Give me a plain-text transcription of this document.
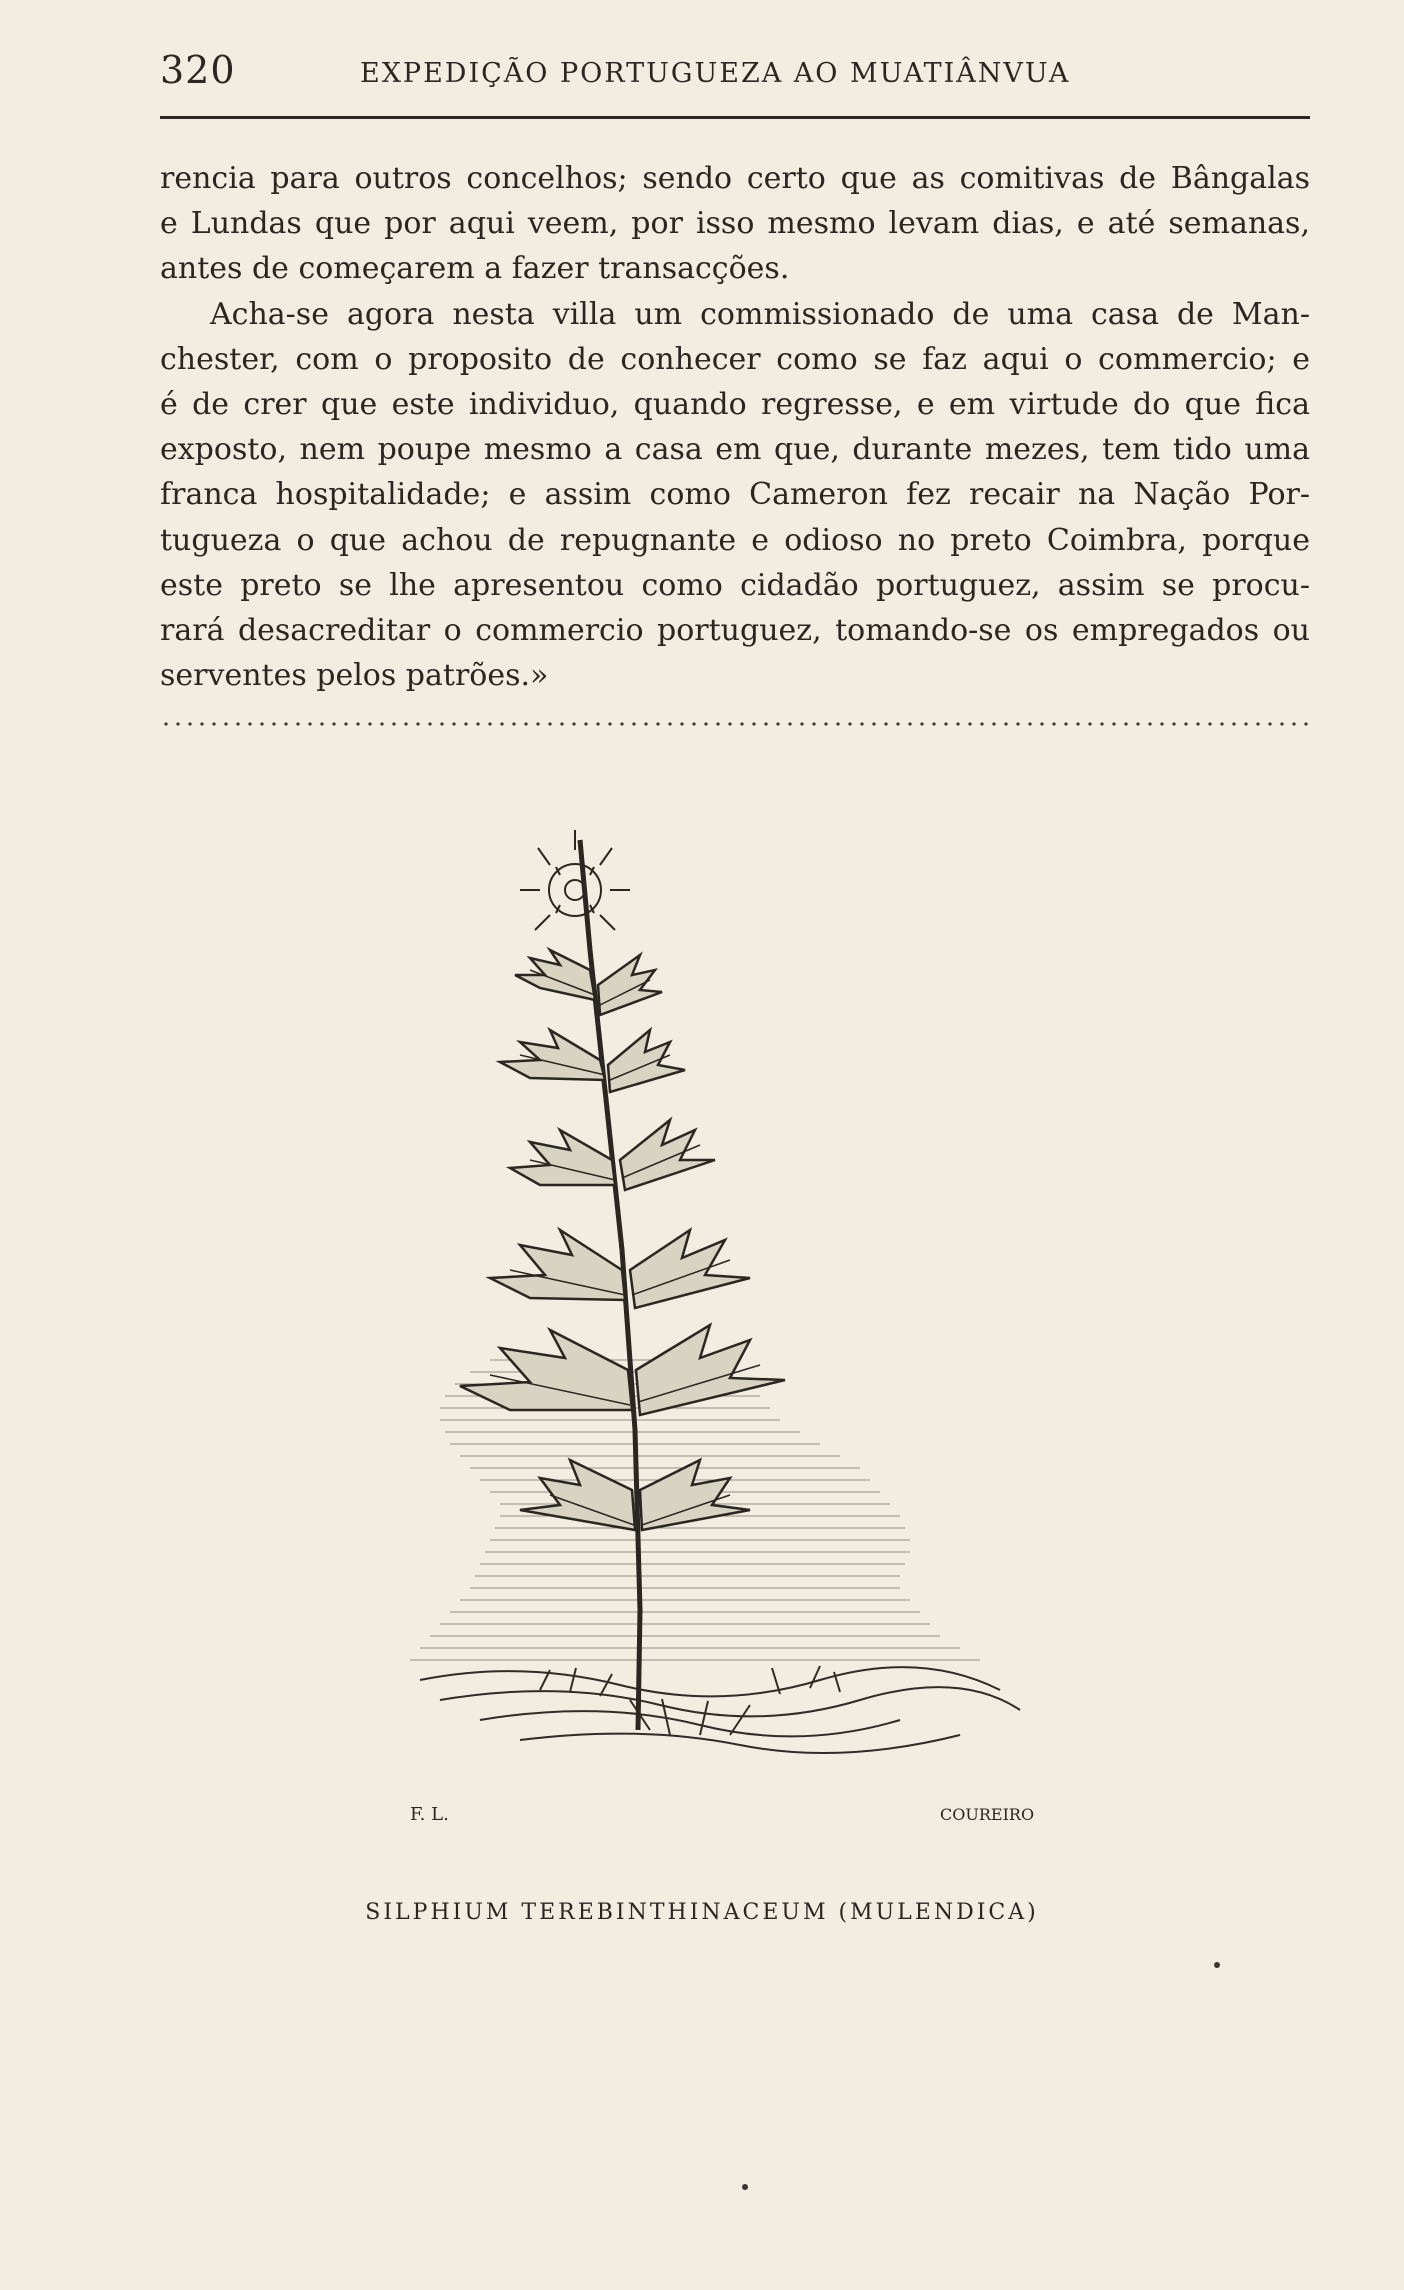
320	EXPEDIÇÃO PORTUGUEZA AO MUATIÂNVUA
rencia para outros concelhos; sendo certo que as comitivas de Bângalas
e Lundas que por aqui veem, por isso mesmo levam dias, e até semanas,
antes de começarem a fazer transacções.
Acha-se agora nesta villa um commissionado de uma casa de Man-
chester, com o proposito de conhecer como se faz aqui o commercio; e
é de crer que este individuo, quando regresse, e em virtude do que fica
exposto, nem poupe mesmo a casa em que, durante mezes, tem tido uma
franca hospitalidade; e assim como Cameron fez recair na Nação Por-
tugueza o que achou de repugnante e odioso no preto Coimbra, porque
este preto se lhe apresentou como cidadão portuguez, assim se procu-
rará desacreditar o commercio portuguez, tomando-se os empregados ou
serventes pelos patrões.»
F. L.	COUREIRO
SILPHIUM TEREBINTHINACEUM (MULENDICA)
